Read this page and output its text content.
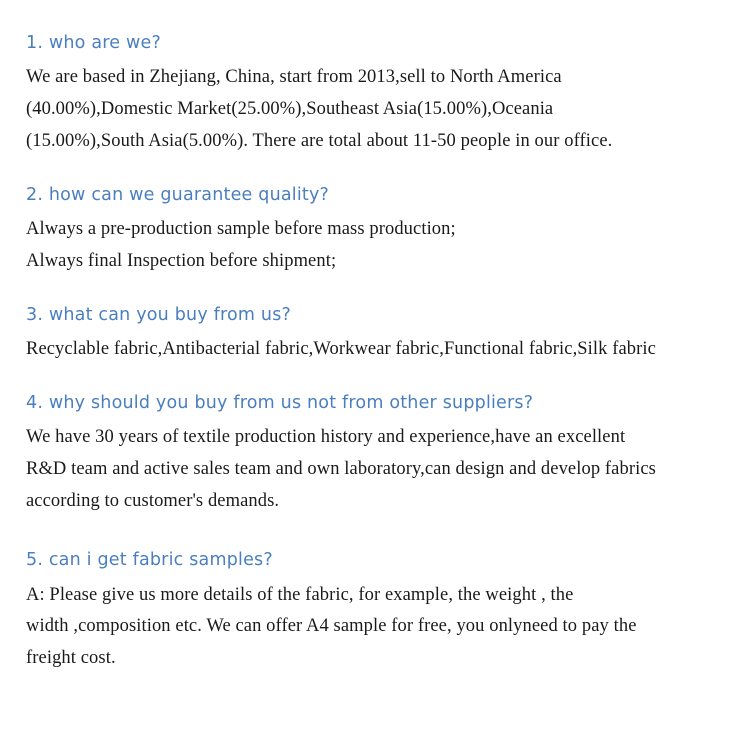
1. who are we?

We are based in Zhejiang, China, start from 2013,sell to North America
(40.00%),Domestic Market(25.00%),Southeast Asia(15.00%),Oceania
(15.00%),South Asia(5.00%). There are total about 11-50 people in our office.

2. how can we guarantee quality?

Always a pre-production sample before mass production;
Always final Inspection before shipment;

3. what can you buy from us?

Recyclable fabric,Antibacterial fabric,Workwear fabric,Functional fabric,Silk fabric

4. why should you buy from us not from other suppliers?

We have 30 years of textile production history and experience,have an excellent
R&D team and active sales team and own laboratory,can design and develop fabrics
according to customer's demands.

5. can i get fabric samples?

A: Please give us more details of the fabric, for example, the weight , the
width ,composition etc. We can offer A4 sample for free, you onlyneed to pay the
freight cost.
